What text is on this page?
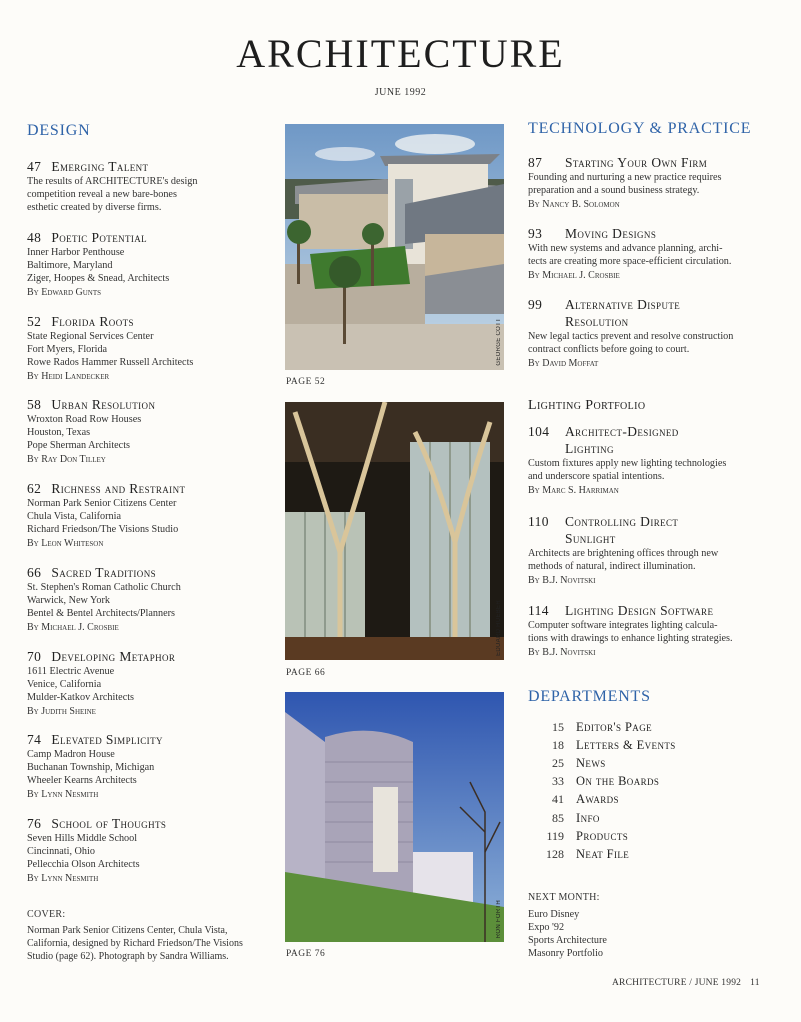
ARCHITECTURE
JUNE 1992
DESIGN
47 Emerging Talent
The results of ARCHITECTURE's design
competition reveal a new bare-bones
esthetic created by diverse firms.
48 Poetic Potential
Inner Harbor Penthouse
Baltimore, Maryland
Ziger, Hoopes & Snead, Architects
By Edward Gunts
52 Florida Roots
State Regional Services Center
Fort Myers, Florida
Rowe Rados Hammer Russell Architects
By Heidi Landecker
58 Urban Resolution
Wroxton Road Row Houses
Houston, Texas
Pope Sherman Architects
By Ray Don Tilley
62 Richness and Restraint
Norman Park Senior Citizens Center
Chula Vista, California
Richard Friedson/The Visions Studio
By Leon Whiteson
66 Sacred Traditions
St. Stephen's Roman Catholic Church
Warwick, New York
Bentel & Bentel Architects/Planners
By Michael J. Crosbie
70 Developing Metaphor
1611 Electric Avenue
Venice, California
Mulder-Katkov Architects
By Judith Sheine
74 Elevated Simplicity
Camp Madron House
Buchanan Township, Michigan
Wheeler Kearns Architects
By Lynn Nesmith
76 School of Thoughts
Seven Hills Middle School
Cincinnati, Ohio
Pellecchia Olson Architects
By Lynn Nesmith
COVER:
Norman Park Senior Citizens Center, Chula Vista, California, designed by Richard Friedson/The Visions Studio (page 62). Photograph by Sandra Williams.
GEORGE COTT
PAGE 52
EDUARD HUEBER
PAGE 66
RON FORTH
PAGE 76
TECHNOLOGY & PRACTICE
87	Starting Your Own Firm
Founding and nurturing a new practice requires
preparation and a sound business strategy.
By Nancy B. Solomon
93	Moving Designs
With new systems and advance planning, archi-
tects are creating more space-efficient circulation.
By Michael J. Crosbie
99	Alternative Dispute
Resolution
New legal tactics prevent and resolve construction
contract conflicts before going to court.
By David Moffat
Lighting Portfolio
104	Architect-Designed
Lighting
Custom fixtures apply new lighting technologies
and underscore spatial intentions.
By Marc S. Harriman
110	Controlling Direct
Sunlight
Architects are brightening offices through new
methods of natural, indirect illumination.
By B.J. Novitski
114	Lighting Design Software
Computer software integrates lighting calcula-
tions with drawings to enhance lighting strategies.
By B.J. Novitski
DEPARTMENTS
15 Editor's Page
18 Letters & Events
25 News
33 On the Boards
41 Awards
85 Info
119 Products
128 Neat File
NEXT MONTH:
Euro Disney
Expo '92
Sports Architecture
Masonry Portfolio
ARCHITECTURE / JUNE 1992 11
